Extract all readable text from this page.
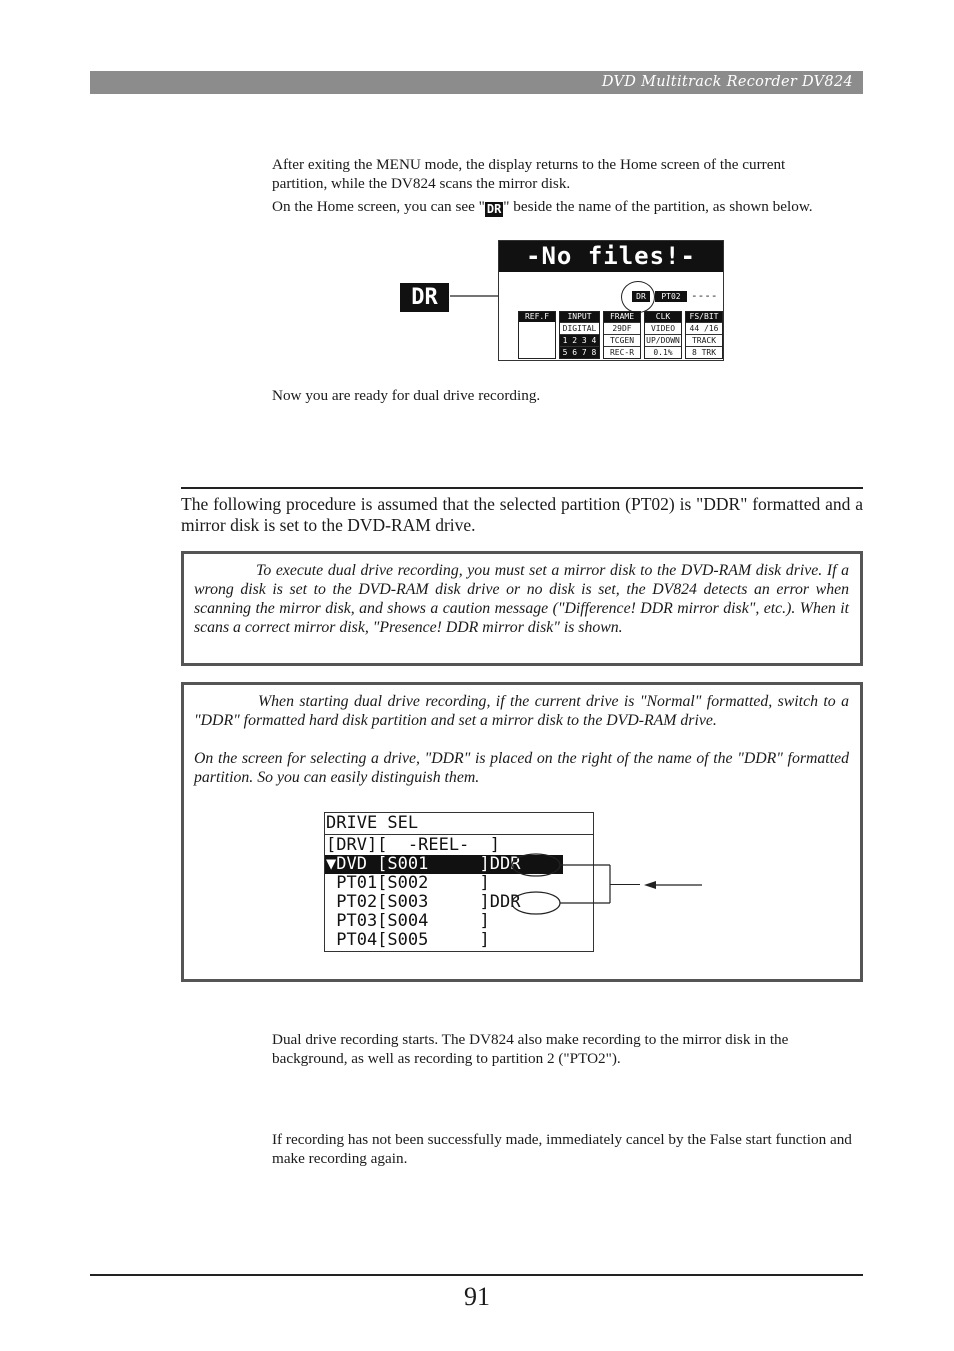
DVD Multitrack Recorder DV824

After exiting the MENU mode, the display returns to the Home screen of the current partition, while the DV824 scans the mirror disk.

On the Home screen, you can see " DR " beside the name of the partition, as shown below.

DR
-No files!-
DR	PT02 ----
REF.F	INPUT
DIGITAL
1 2 3 4
5 6 7 8
FRAME
29DF
TCGEN
REC-R
CLK
VIDEO
UP/DOWN
0.1%
FS/BIT
44 /16
TRACK
8 TRK

Now you are ready for dual drive recording.

The following procedure is assumed that the selected partition (PT02) is "DDR" formatted and a mirror disk is set to the DVD-RAM drive.

To execute dual drive recording, you must set a mirror disk to the DVD-RAM disk drive. If a wrong disk is set to the DVD-RAM disk drive or no disk is set, the DV824 detects an error when scanning the mirror disk, and shows a caution message ("Difference! DDR mirror disk", etc.). When it scans a correct mirror disk, "Presence! DDR mirror disk" is shown.

When starting dual drive recording, if the current drive is "Normal" formatted, switch to a "DDR" formatted hard disk partition and set a mirror disk to the DVD-RAM drive.

On the screen for selecting a drive, "DDR" is placed on the right of the name of the "DDR" formatted partition. So you can easily distinguish them.

DRIVE SEL
[DRV][  -REEL-  ]
▼DVD [S001     ]DDR
PT01[S002     ]
PT02[S003     ]DDR
PT03[S004     ]
PT04[S005     ]

Dual drive recording starts. The DV824 also make recording to the mirror disk in the background, as well as recording to partition 2 ("PTO2").

If recording has not been successfully made, immediately cancel by the False start function and make recording again.

91
